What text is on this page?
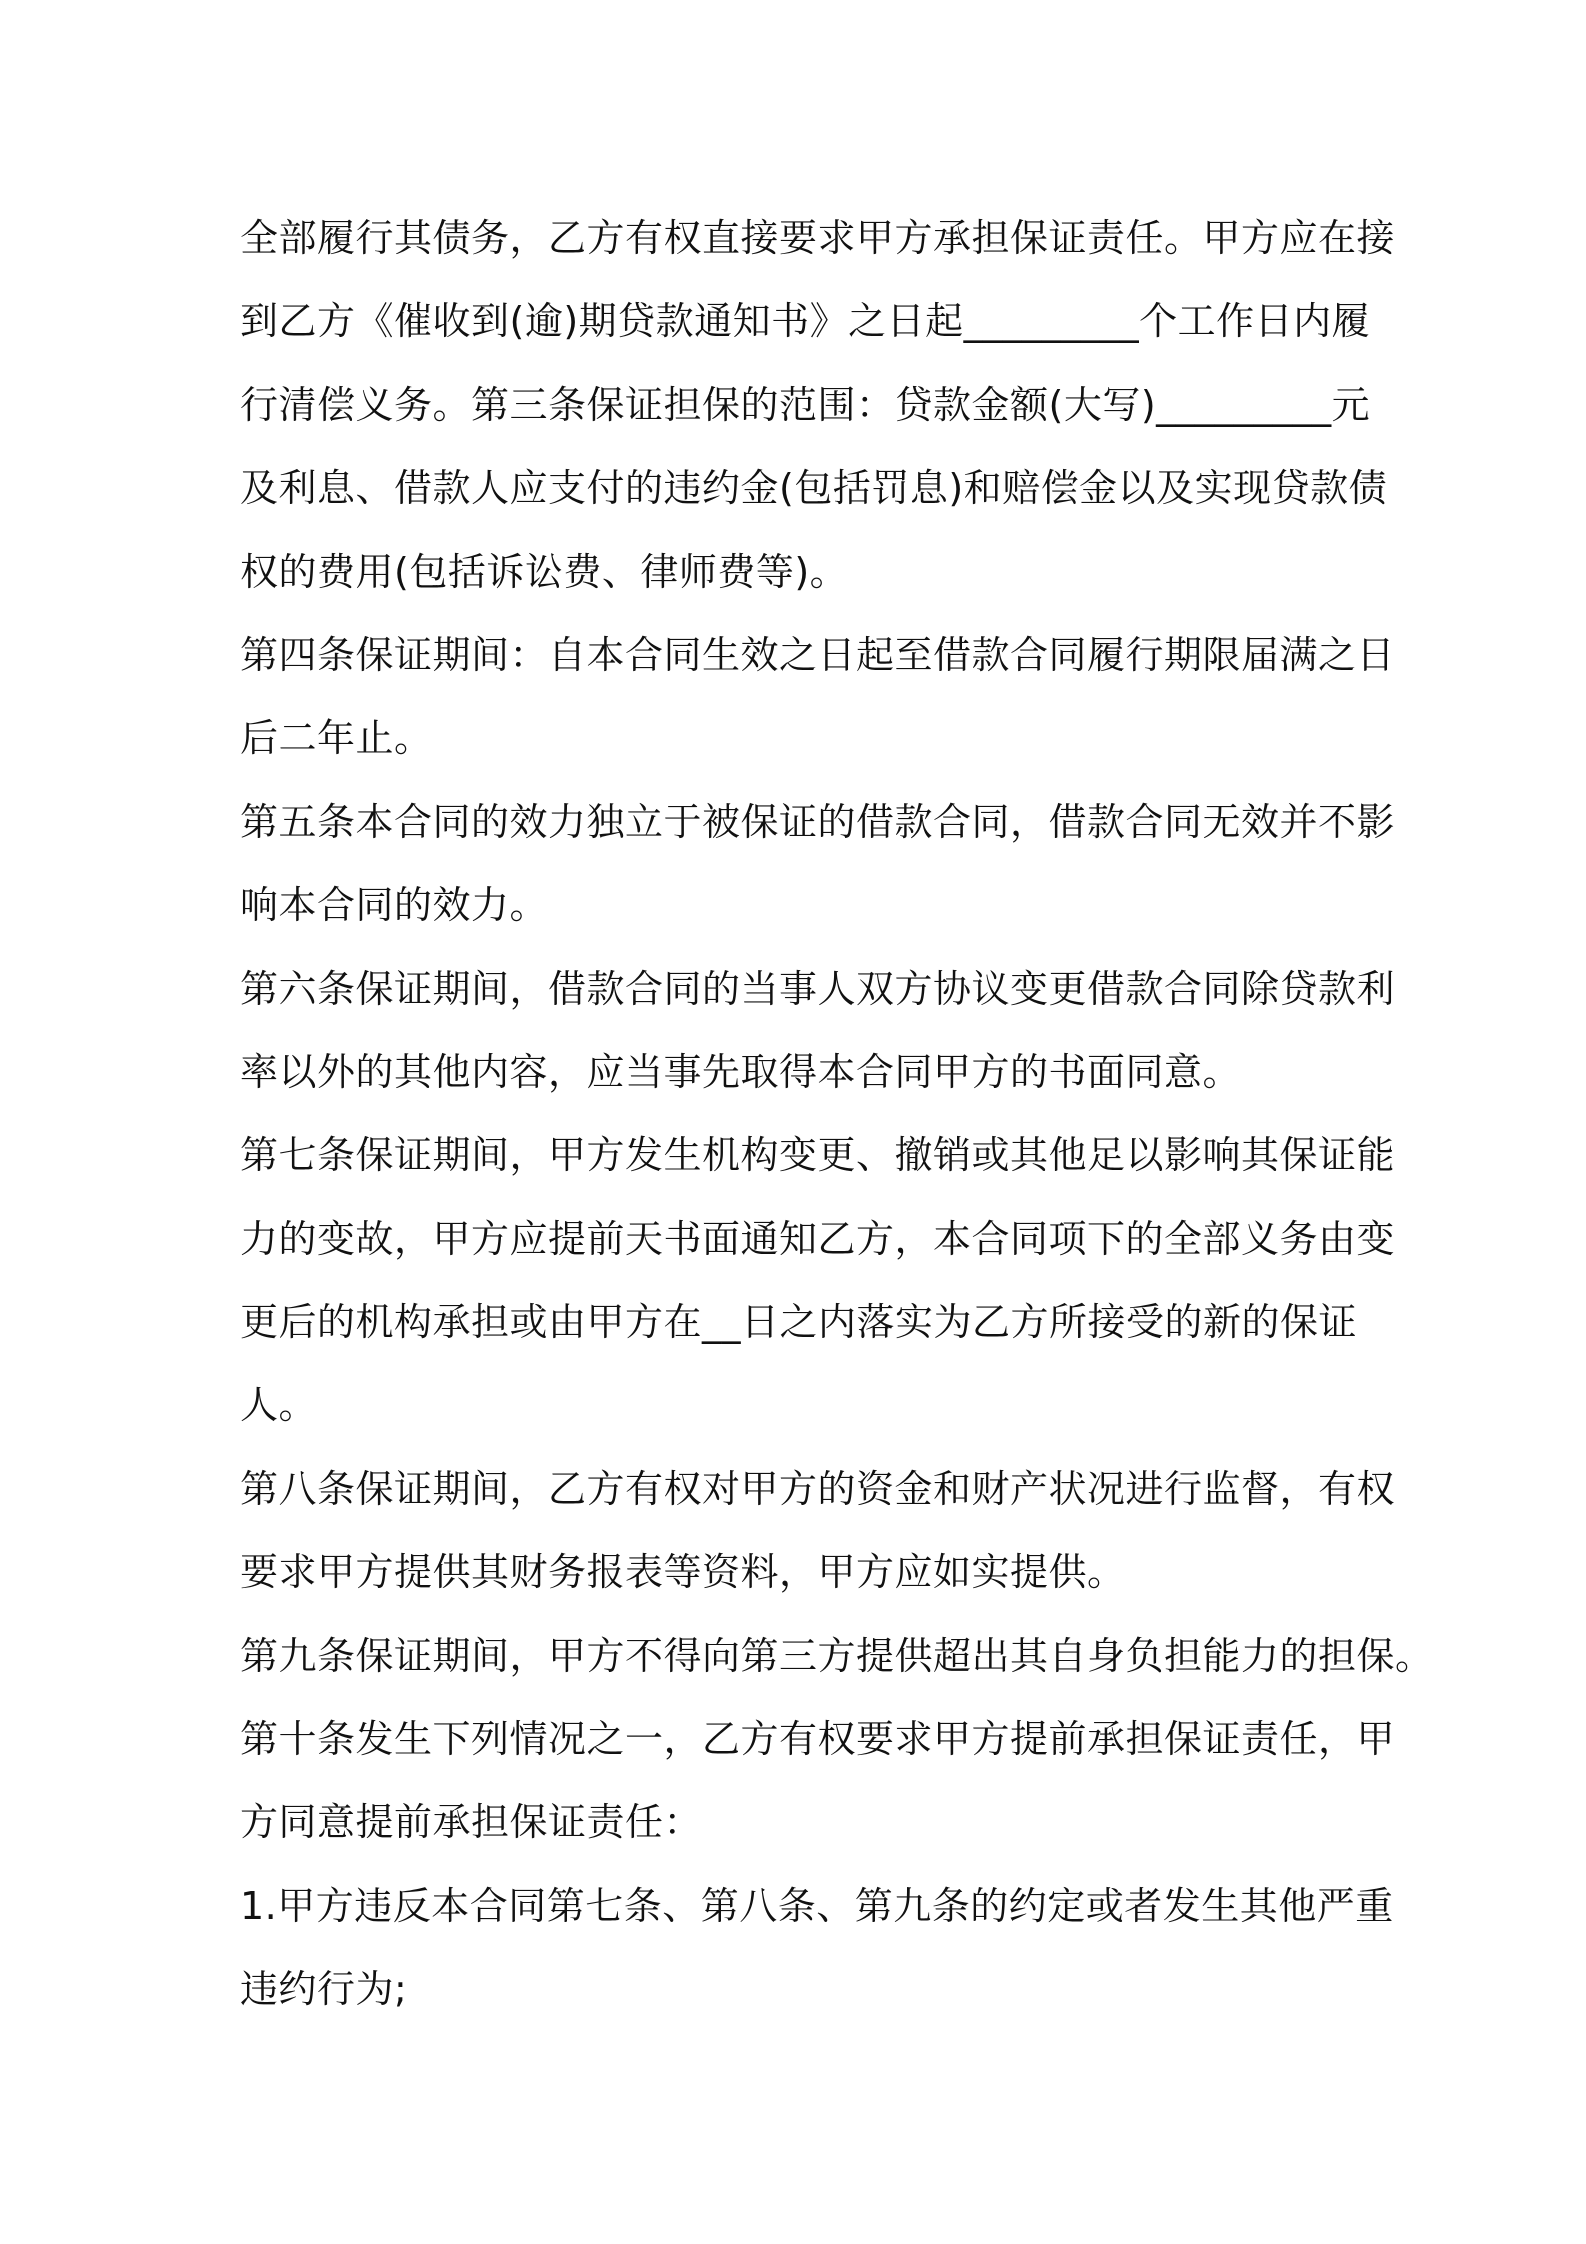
全部履行其债务，乙方有权直接要求甲方承担保证责任。甲方应在接
到乙方《催收到(逾)期贷款通知书》之日起_________个工作日内履
行清偿义务。第三条保证担保的范围：贷款金额(大写)_________元
及利息、借款人应支付的违约金(包括罚息)和赔偿金以及实现贷款债
权的费用(包括诉讼费、律师费等)。
第四条保证期间：自本合同生效之日起至借款合同履行期限届满之日
后二年止。
第五条本合同的效力独立于被保证的借款合同，借款合同无效并不影
响本合同的效力。
第六条保证期间，借款合同的当事人双方协议变更借款合同除贷款利
率以外的其他内容，应当事先取得本合同甲方的书面同意。
第七条保证期间，甲方发生机构变更、撤销或其他足以影响其保证能
力的变故，甲方应提前天书面通知乙方，本合同项下的全部义务由变
更后的机构承担或由甲方在__日之内落实为乙方所接受的新的保证
人。
第八条保证期间，乙方有权对甲方的资金和财产状况进行监督，有权
要求甲方提供其财务报表等资料，甲方应如实提供。
第九条保证期间，甲方不得向第三方提供超出其自身负担能力的担保。
第十条发生下列情况之一，乙方有权要求甲方提前承担保证责任，甲
方同意提前承担保证责任：
1.甲方违反本合同第七条、第八条、第九条的约定或者发生其他严重
违约行为;
